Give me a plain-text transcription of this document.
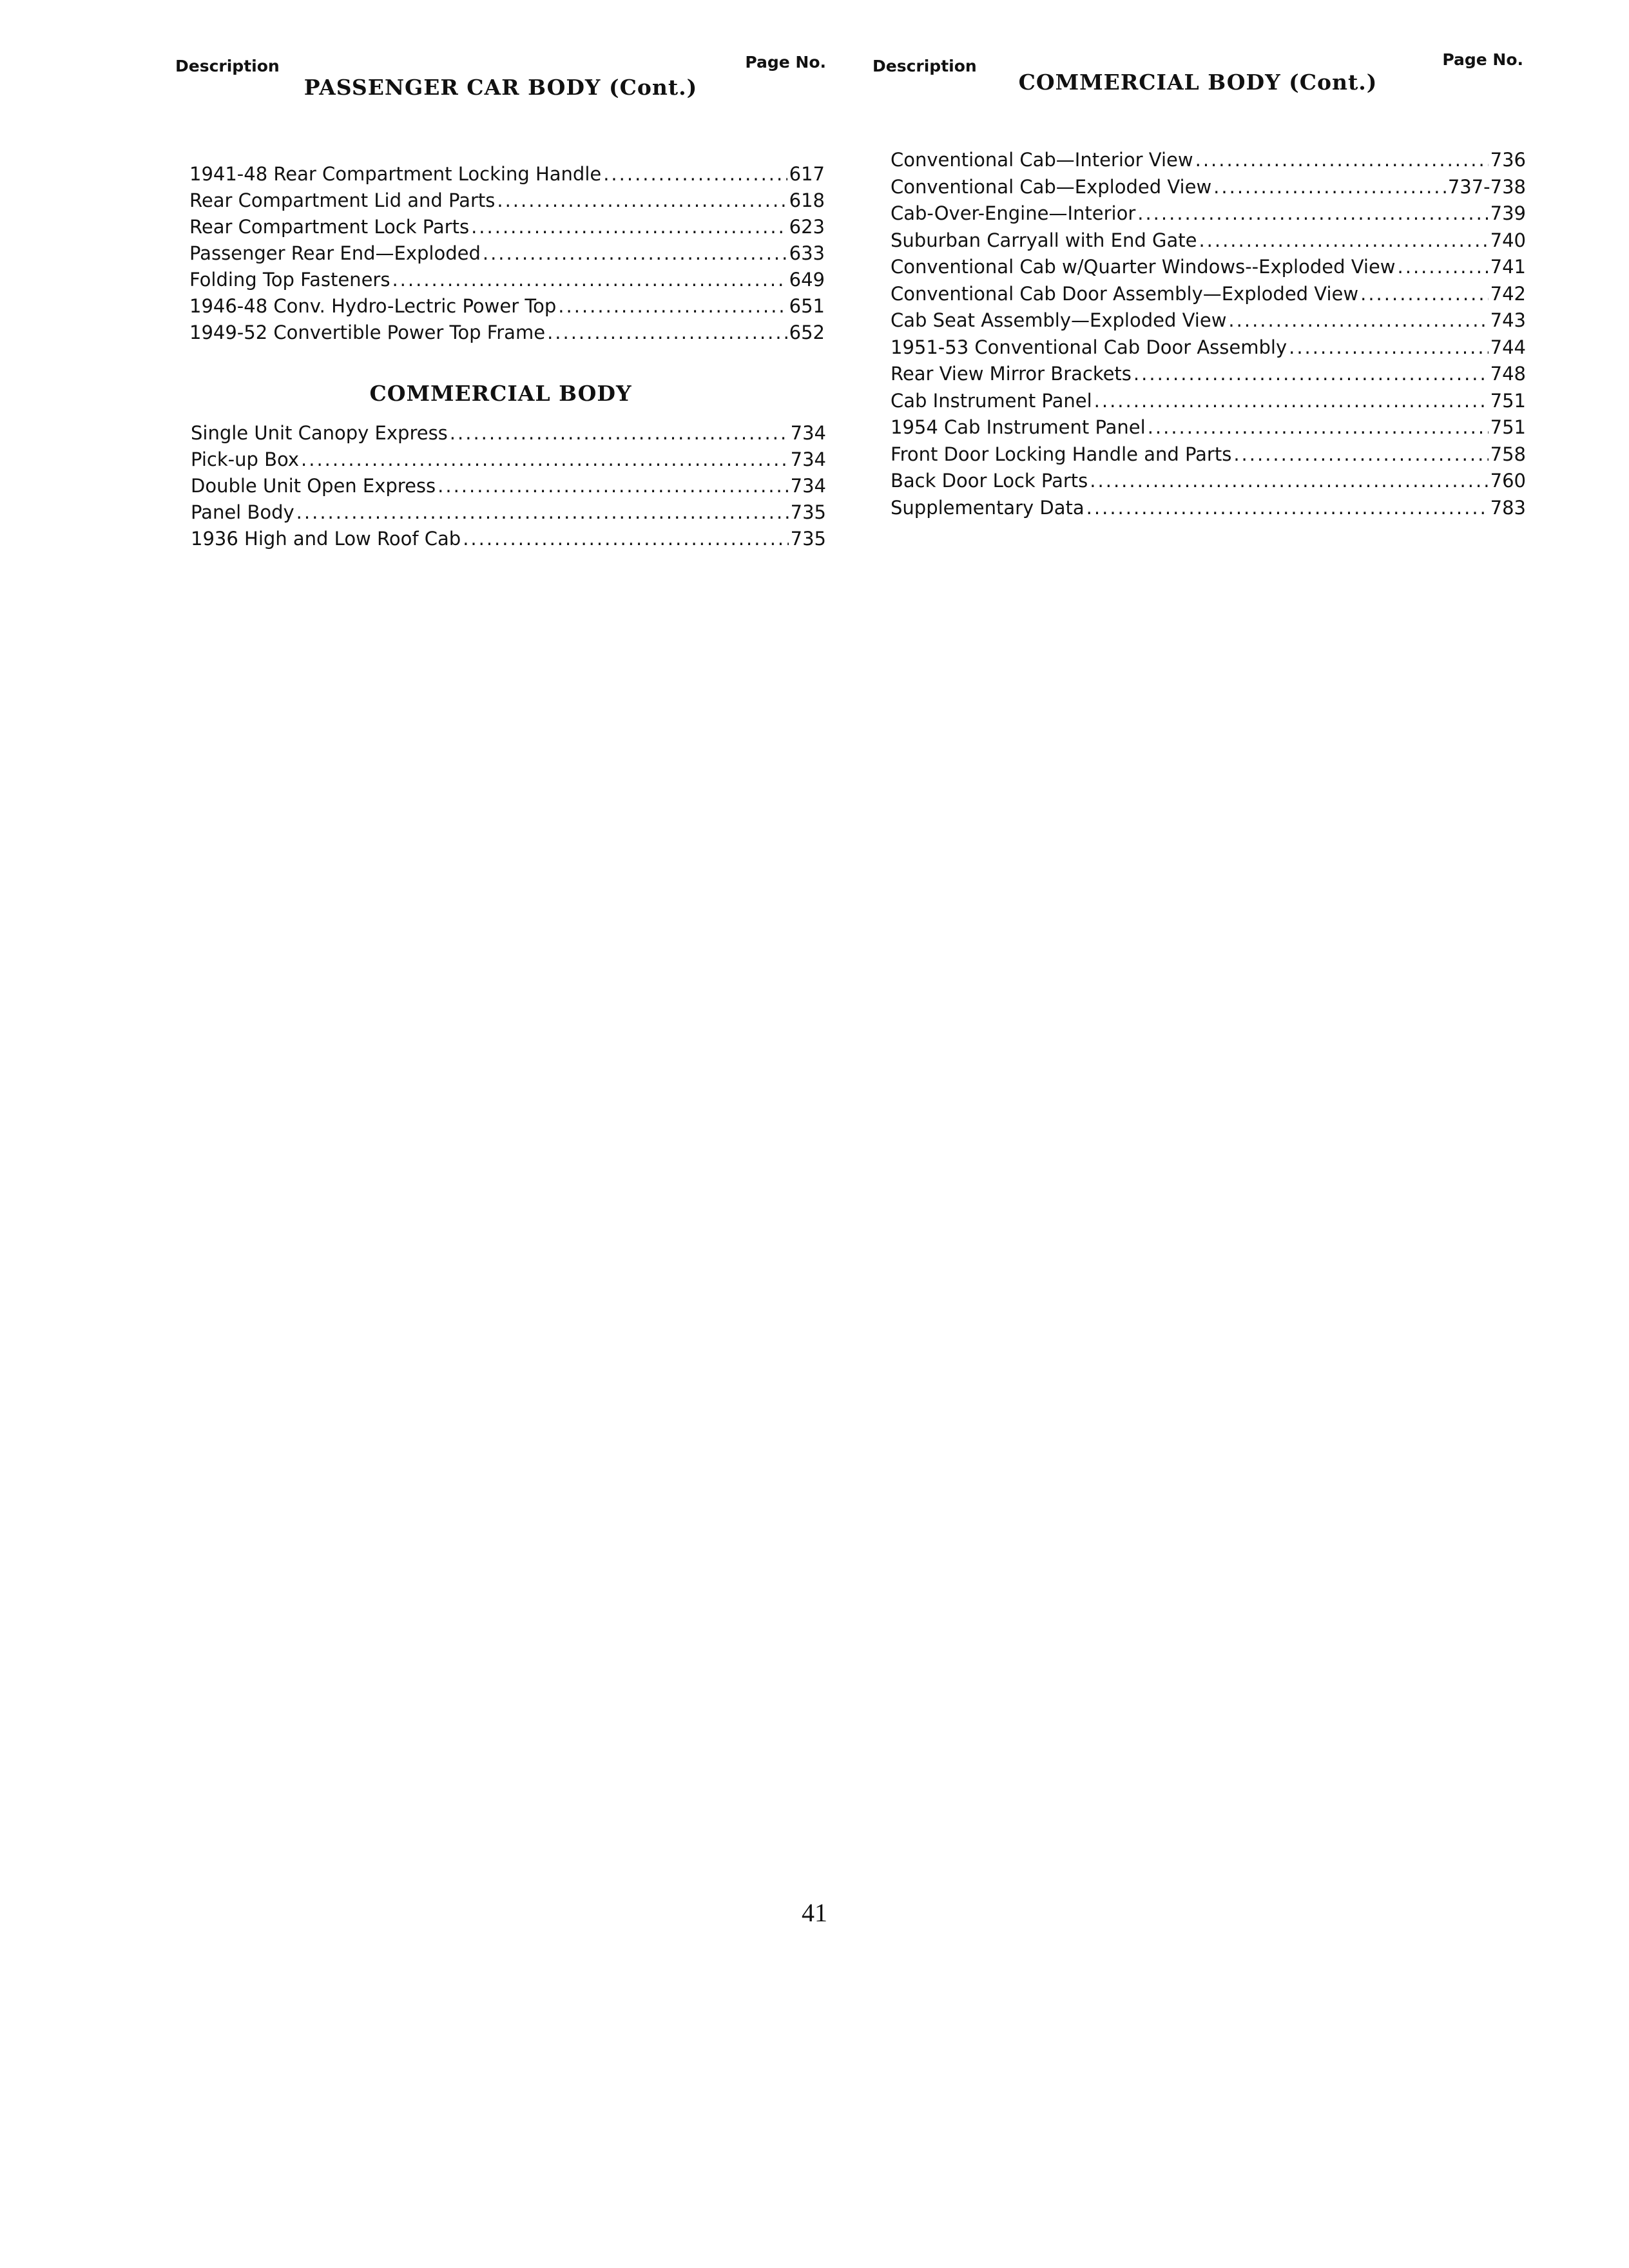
Description	Page No.
PASSENGER CAR BODY (Cont.)
1941-48 Rear Compartment Locking Handle .....	617
Rear Compartment Lid and Parts .....	618
Rear Compartment Lock Parts .....	623
Passenger Rear End—Exploded .....	633
Folding Top Fasteners .....	649
1946-48 Conv. Hydro-Lectric Power Top .....	651
1949-52 Convertible Power Top Frame .....	652
COMMERCIAL BODY
Single Unit Canopy Express .....	734
Pick-up Box .....	734
Double Unit Open Express .....	734
Panel Body .....	735
1936 High and Low Roof Cab .....	735
Description	Page No.
COMMERCIAL BODY (Cont.)
Conventional Cab—Interior View .....	736
Conventional Cab—Exploded View .....	737-738
Cab-Over-Engine—Interior .....	739
Suburban Carryall with End Gate .....	740
Conventional Cab w/Quarter Windows--Exploded View .....	741
Conventional Cab Door Assembly—Exploded View .....	742
Cab Seat Assembly—Exploded View .....	743
1951-53 Conventional Cab Door Assembly .....	744
Rear View Mirror Brackets .....	748
Cab Instrument Panel .....	751
1954 Cab Instrument Panel .....	751
Front Door Locking Handle and Parts .....	758
Back Door Lock Parts .....	760
Supplementary Data .....	783
41
